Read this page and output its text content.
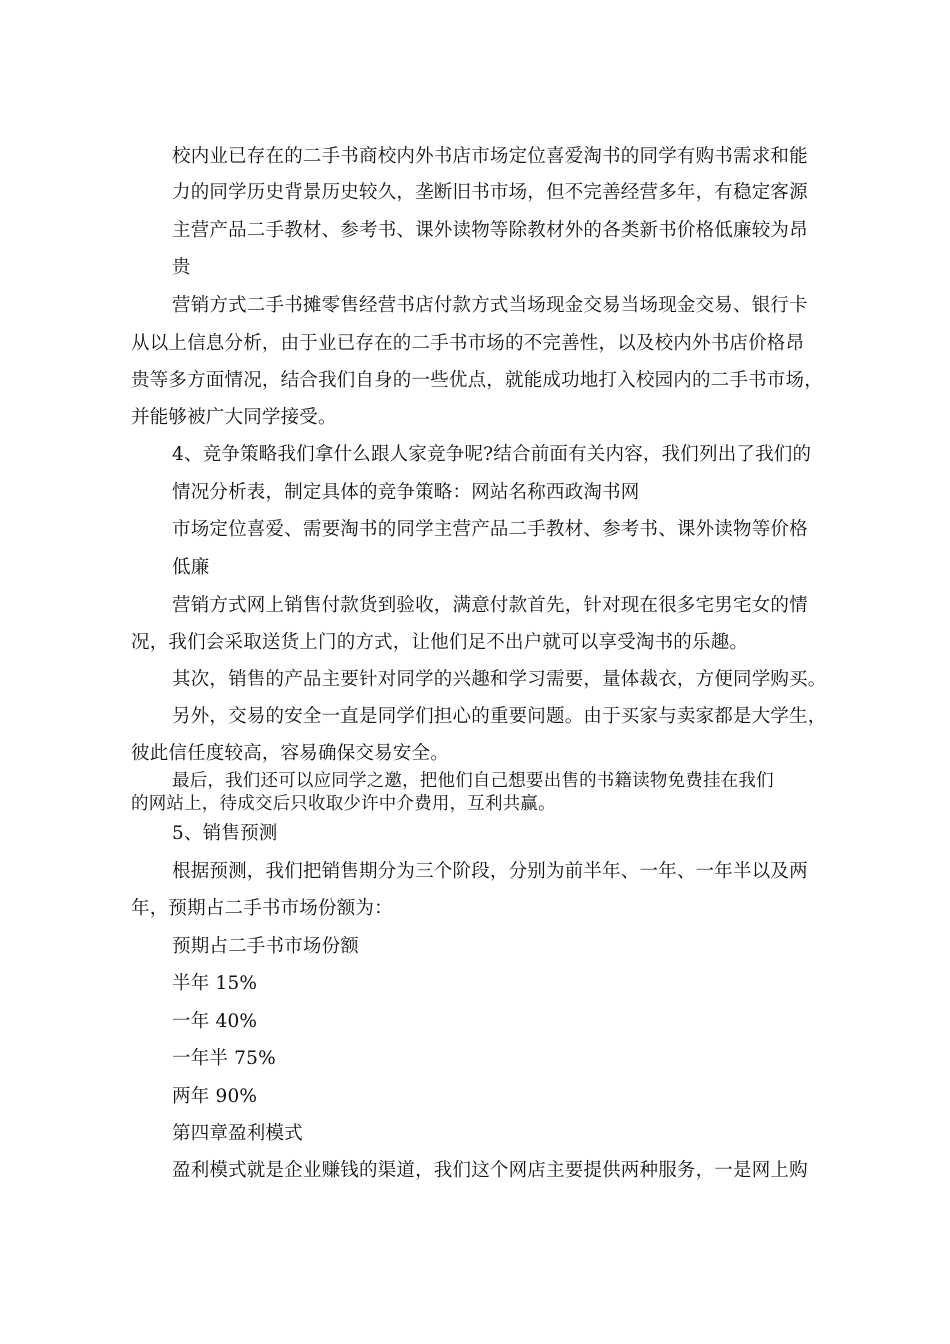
校内业已存在的二手书商校内外书店市场定位喜爱淘书的同学有购书需求和能
力的同学历史背景历史较久，垄断旧书市场，但不完善经营多年，有稳定客源
主营产品二手教材、参考书、课外读物等除教材外的各类新书价格低廉较为昂
贵
营销方式二手书摊零售经营书店付款方式当场现金交易当场现金交易、银行卡
从以上信息分析，由于业已存在的二手书市场的不完善性，以及校内外书店价格昂
贵等多方面情况，结合我们自身的一些优点，就能成功地打入校园内的二手书市场，
并能够被广大同学接受。
4、竞争策略我们拿什么跟人家竞争呢?结合前面有关内容，我们列出了我们的
情况分析表，制定具体的竞争策略：网站名称西政淘书网
市场定位喜爱、需要淘书的同学主营产品二手教材、参考书、课外读物等价格
低廉
营销方式网上销售付款货到验收，满意付款首先，针对现在很多宅男宅女的情
况，我们会采取送货上门的方式，让他们足不出户就可以享受淘书的乐趣。
其次，销售的产品主要针对同学的兴趣和学习需要，量体裁衣，方便同学购买。
另外，交易的安全一直是同学们担心的重要问题。由于买家与卖家都是大学生，
彼此信任度较高，容易确保交易安全。
最后，我们还可以应同学之邀，把他们自己想要出售的书籍读物免费挂在我们
的网站上，待成交后只收取少许中介费用，互利共赢。
5、销售预测
根据预测，我们把销售期分为三个阶段，分别为前半年、一年、一年半以及两
年，预期占二手书市场份额为：
预期占二手书市场份额
半年 15%
一年 40%
一年半 75%
两年 90%
第四章盈利模式
盈利模式就是企业赚钱的渠道，我们这个网店主要提供两种服务，一是网上购
